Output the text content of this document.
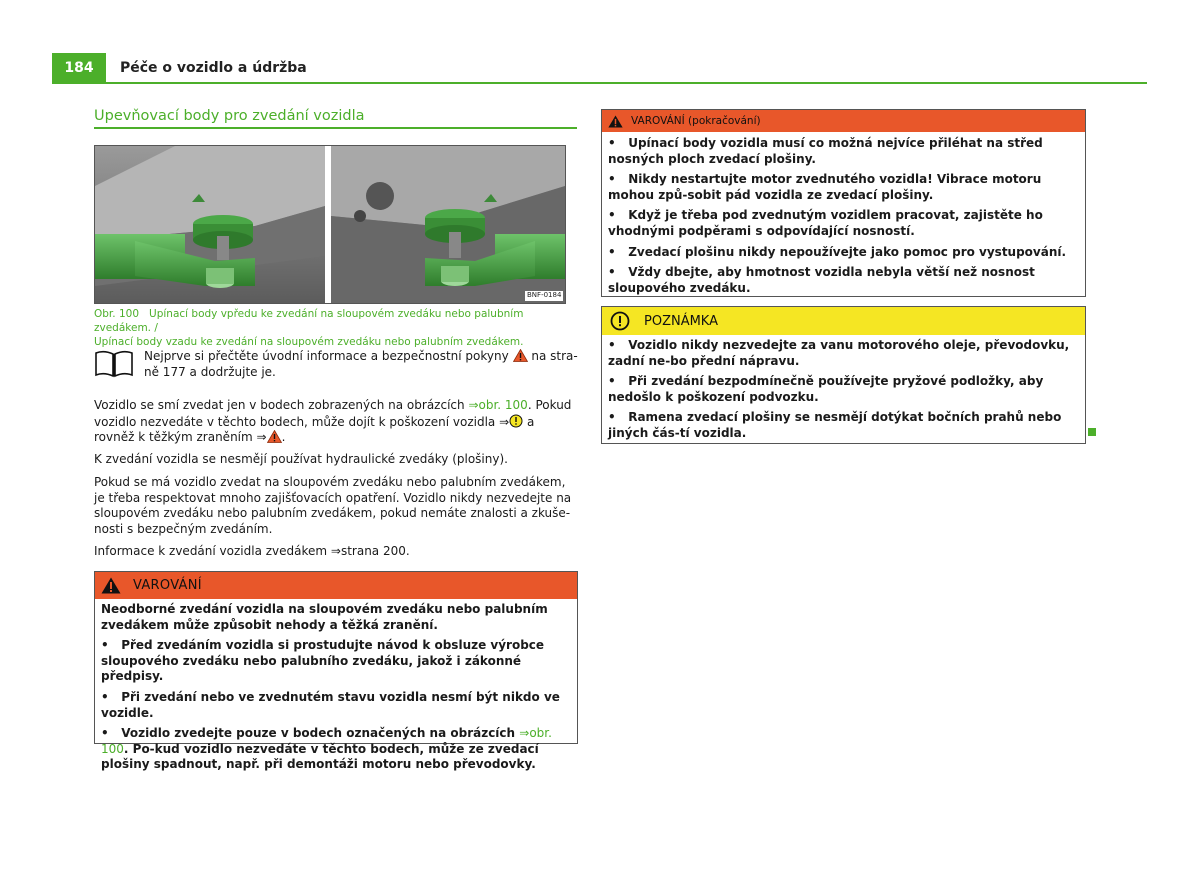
184	Péče o vozidlo a údržba
Upevňovací body pro zvedání vozidla
BNF-0184
Obr. 100 Upínací body vpředu ke zvedání na sloupovém zvedáku nebo palubním zvedákem. /
Upínací body vzadu ke zvedání na sloupovém zvedáku nebo palubním zvedákem.
Nejprve si přečtěte úvodní informace a bezpečnostní pokyny na stra-
ně 177 a dodržujte je.

Vozidlo se smí zvedat jen v bodech zobrazených na obrázcích ⇒obr. 100. Pokud vozidlo nezvedáte v těchto bodech, může dojít k poškození vozidla ⇒ a rovněž k těžkým zraněním ⇒ .

K zvedání vozidla se nesmějí používat hydraulické zvedáky (plošiny).

Pokud se má vozidlo zvedat na sloupovém zvedáku nebo palubním zvedákem, je třeba respektovat mnoho zajišťovacích opatření. Vozidlo nikdy nezvedejte na sloupovém zvedáku nebo palubním zvedákem, pokud nemáte znalosti a zkuše-nosti s bezpečným zvedáním.

Informace k zvedání vozidla zvedákem ⇒strana 200.

VAROVÁNÍ

Neodborné zvedání vozidla na sloupovém zvedáku nebo palubním zvedákem může způsobit nehody a těžká zranění.

•   Před zvedáním vozidla si prostudujte návod k obsluze výrobce sloupového zvedáku nebo palubního zvedáku, jakož i zákonné předpisy.

•   Při zvedání nebo ve zvednutém stavu vozidla nesmí být nikdo ve vozidle.

•   Vozidlo zvedejte pouze v bodech označených na obrázcích ⇒obr. 100. Po-kud vozidlo nezvedáte v těchto bodech, může ze zvedací plošiny spadnout, např. při demontáži motoru nebo převodovky.

VAROVÁNÍ (pokračování)

•   Upínací body vozidla musí co možná nejvíce přiléhat na střed nosných ploch zvedací plošiny.

•   Nikdy nestartujte motor zvednutého vozidla! Vibrace motoru mohou způ-sobit pád vozidla ze zvedací plošiny.

•   Když je třeba pod zvednutým vozidlem pracovat, zajistěte ho vhodnými podpěrami s odpovídající nosností.

•   Zvedací plošinu nikdy nepoužívejte jako pomoc pro vystupování.

•   Vždy dbejte, aby hmotnost vozidla nebyla větší než nosnost sloupového zvedáku.

POZNÁMKA

•   Vozidlo nikdy nezvedejte za vanu motorového oleje, převodovku, zadní ne-bo přední nápravu.

•   Při zvedání bezpodmínečně používejte pryžové podložky, aby nedošlo k poškození podvozku.

•   Ramena zvedací plošiny se nesmějí dotýkat bočních prahů nebo jiných čás-tí vozidla.
